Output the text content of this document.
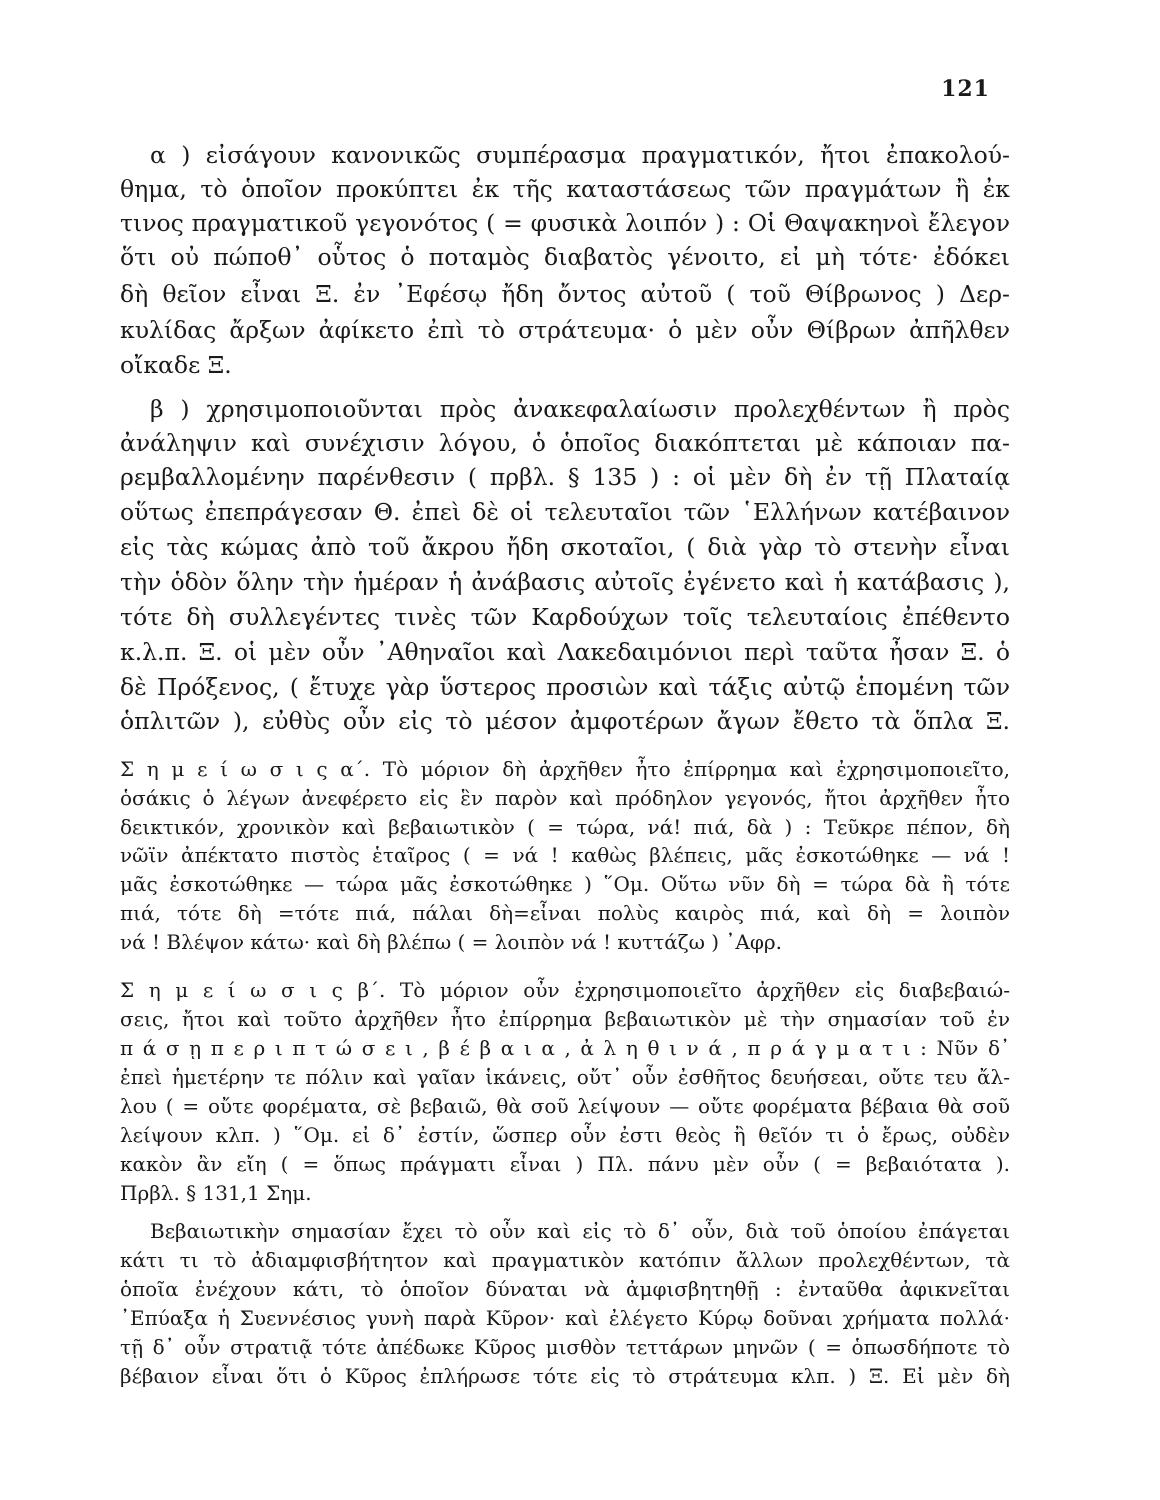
121
α ) εἰσάγουν κανονικῶς συμπέρασμα πραγματικόν, ἤτοι ἐπακολού-
θημα, τὸ ὁποῖον προκύπτει ἐκ τῆς καταστάσεως τῶν πραγμάτων ἢ ἐκ
τινος πραγματικοῦ γεγονότος ( = φυσικὰ λοιπόν ) : Οἱ Θαψακηνοὶ ἔλεγον
ὅτι οὐ πώποθ᾿ οὗτος ὁ ποταμὸς διαβατὸς γένοιτο, εἰ μὴ τότε· ἐδόκει
δὴ θεῖον εἶναι Ξ. ἐν ᾿Εφέσῳ ἤδη ὄντος αὐτοῦ ( τοῦ Θίβρωνος ) Δερ-
κυλίδας ἄρξων ἀφίκετο ἐπὶ τὸ στράτευμα· ὁ μὲν οὖν Θίβρων ἀπῆλθεν
οἴκαδε Ξ.
β ) χρησιμοποιοῦνται πρὸς ἀνακεφαλαίωσιν προλεχθέντων ἢ πρὸς
ἀνάληψιν καὶ συνέχισιν λόγου, ὁ ὁποῖος διακόπτεται μὲ κάποιαν πα-
ρεμβαλλομένην παρένθεσιν ( πρβλ. § 135 ) : οἱ μὲν δὴ ἐν τῇ Πλαταίᾳ
οὕτως ἐπεπράγεσαν Θ. ἐπεὶ δὲ οἱ τελευταῖοι τῶν ῾Ελλήνων κατέβαινον
εἰς τὰς κώμας ἀπὸ τοῦ ἄκρου ἤδη σκοταῖοι, ( διὰ γὰρ τὸ στενὴν εἶναι
τὴν ὁδὸν ὅλην τὴν ἡμέραν ἡ ἀνάβασις αὐτοῖς ἐγένετο καὶ ἡ κατάβασις ),
τότε δὴ συλλεγέντες τινὲς τῶν Καρδούχων τοῖς τελευταίοις ἐπέθεντο
κ.λ.π. Ξ. οἱ μὲν οὖν ᾿Αθηναῖοι καὶ Λακεδαιμόνιοι περὶ ταῦτα ἦσαν Ξ. ὁ
δὲ Πρόξενος, ( ἔτυχε γὰρ ὕστερος προσιὼν καὶ τάξις αὐτῷ ἑπομένη τῶν
ὁπλιτῶν ), εὐθὺς οὖν εἰς τὸ μέσον ἀμφοτέρων ἄγων ἔθετο τὰ ὅπλα Ξ.
Σ η μ ε ί ω σ ι ς α΄. Τὸ μόριον δὴ ἀρχῆθεν ἦτο ἐπίρρημα καὶ ἐχρησιμοποιεῖτο,
ὁσάκις ὁ λέγων ἀνεφέρετο εἰς ἓν παρὸν καὶ πρόδηλον γεγονός, ἤτοι ἀρχῆθεν ἦτο
δεικτικόν, χρονικὸν καὶ βεβαιωτικὸν ( = τώρα, νά! πιά, δὰ ) : Τεῦκρε πέπον, δὴ
νῶϊν ἀπέκτατο πιστὸς ἑταῖρος ( = νά ! καθὼς βλέπεις, μᾶς ἐσκοτώθηκε — νά !
μᾶς ἐσκοτώθηκε — τώρα μᾶς ἐσκοτώθηκε ) ῞Ομ. Οὕτω νῦν δὴ = τώρα δὰ ἢ τότε
πιά, τότε δὴ =τότε πιά, πάλαι δὴ=εἶναι πολὺς καιρὸς πιά, καὶ δὴ = λοιπὸν
νά ! Βλέψον κάτω· καὶ δὴ βλέπω ( = λοιπὸν νά ! κυττάζω ) ᾿Αφρ.
Σ η μ ε ί ω σ ι ς β΄. Τὸ μόριον οὖν ἐχρησιμοποιεῖτο ἀρχῆθεν εἰς διαβεβαιώ-
σεις, ἤτοι καὶ τοῦτο ἀρχῆθεν ἦτο ἐπίρρημα βεβαιωτικὸν μὲ τὴν σημασίαν τοῦ ἐν
π ά σ ῃ π ε ρ ι π τ ώ σ ε ι , β έ β α ι α , ἀ λ η θ ι ν ά , π ρ ά γ μ α τ ι : Νῦν δ᾿
ἐπεὶ ἡμετέρην τε πόλιν καὶ γαῖαν ἱκάνεις, οὔτ᾿ οὖν ἐσθῆτος δευήσεαι, οὔτε τευ ἄλ-
λου ( = οὔτε φορέματα, σὲ βεβαιῶ, θὰ σοῦ λείψουν — οὔτε φορέματα βέβαια θὰ σοῦ
λείψουν κλπ. ) ῞Ομ. εἰ δ᾿ ἐστίν, ὥσπερ οὖν ἐστι θεὸς ἢ θεῖόν τι ὁ ἔρως, οὐδὲν
κακὸν ἂν εἴη ( = ὅπως πράγματι εἶναι ) Πλ. πάνυ μὲν οὖν ( = βεβαιότατα ).
Πρβλ. § 131,1 Σημ.
Βεβαιωτικὴν σημασίαν ἔχει τὸ οὖν καὶ εἰς τὸ δ᾿ οὖν, διὰ τοῦ ὁποίου ἐπάγεται
κάτι τι τὸ ἀδιαμφισβήτητον καὶ πραγματικὸν κατόπιν ἄλλων προλεχθέντων, τὰ
ὁποῖα ἐνέχουν κάτι, τὸ ὁποῖον δύναται νὰ ἀμφισβητηθῇ : ἐνταῦθα ἀφικνεῖται
᾿Επύαξα ἡ Συεννέσιος γυνὴ παρὰ Κῦρον· καὶ ἐλέγετο Κύρῳ δοῦναι χρήματα πολλά·
τῇ δ᾿ οὖν στρατιᾷ τότε ἀπέδωκε Κῦρος μισθὸν τεττάρων μηνῶν ( = ὁπωσδήποτε τὸ
βέβαιον εἶναι ὅτι ὁ Κῦρος ἐπλήρωσε τότε εἰς τὸ στράτευμα κλπ. ) Ξ. Εἰ μὲν δὴ
